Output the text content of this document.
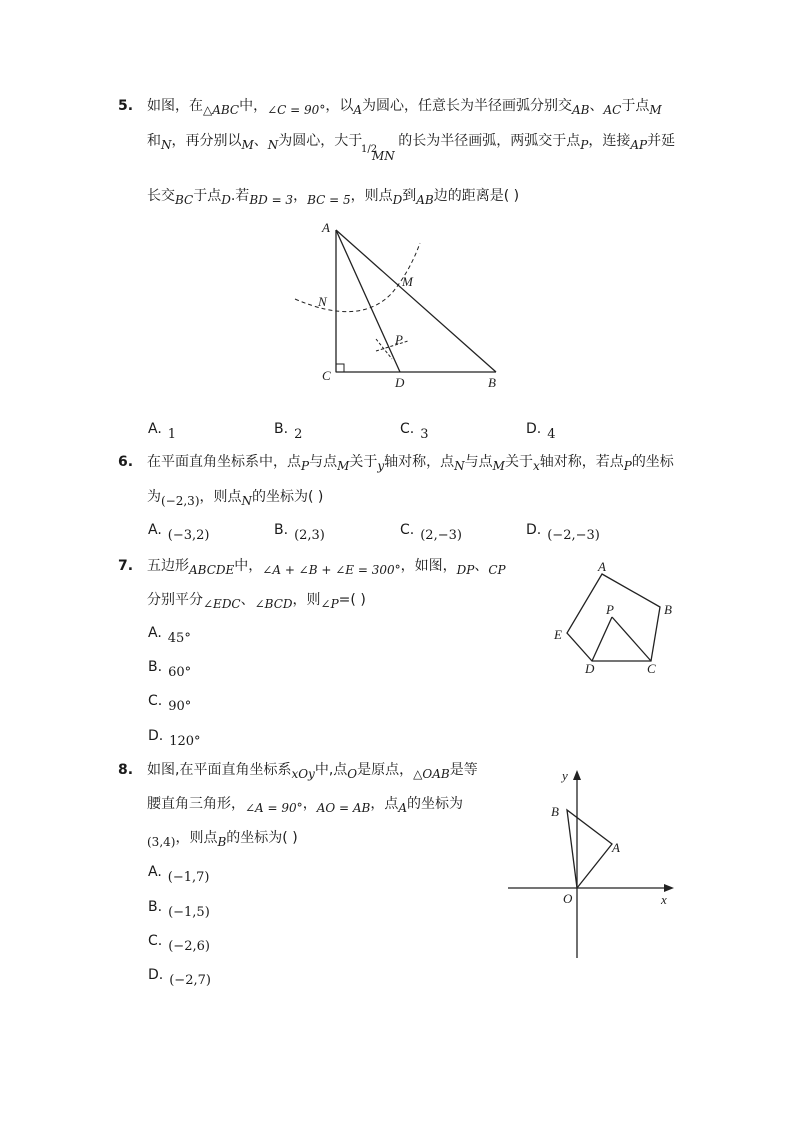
5. 如图，在△ABC中，∠C = 90°，以A为圆心，任意长为半径画弧分别交AB、AC于点M
和N，再分别以M、N为圆心，大于	的长为半径画弧，两弧交于点P，连接AP并延
1/2
MN
长交BC于点D.若BD = 3，BC = 5，则点D到AB边的距离是( )
A
M
N
P
C	D	B
A. 1	B. 2	C. 3	D. 4
6. 在平面直角坐标系中，点P与点M关于y轴对称，点N与点M关于x轴对称，若点P的坐标
为(−2,3)，则点N的坐标为( )
A. (−3,2)	B. (2,3)	C. (2,−3)	D. (−2,−3)
7. 五边形ABCDE中，∠A + ∠B + ∠E = 300°，如图，DP、CP
分别平分∠EDC、∠BCD，则∠P=( )
A
B
P
E
D	C
A. 45°
B. 60°
C. 90°
D. 120°
8. 如图,在平面直角坐标系xOy中,点O是原点，△OAB是等
腰直角三角形，∠A = 90°，AO = AB，点A的坐标为
(3,4)，则点B的坐标为( )
y
x
O
A
B
A. (−1,7)
B. (−1,5)
C. (−2,6)
D. (−2,7)
